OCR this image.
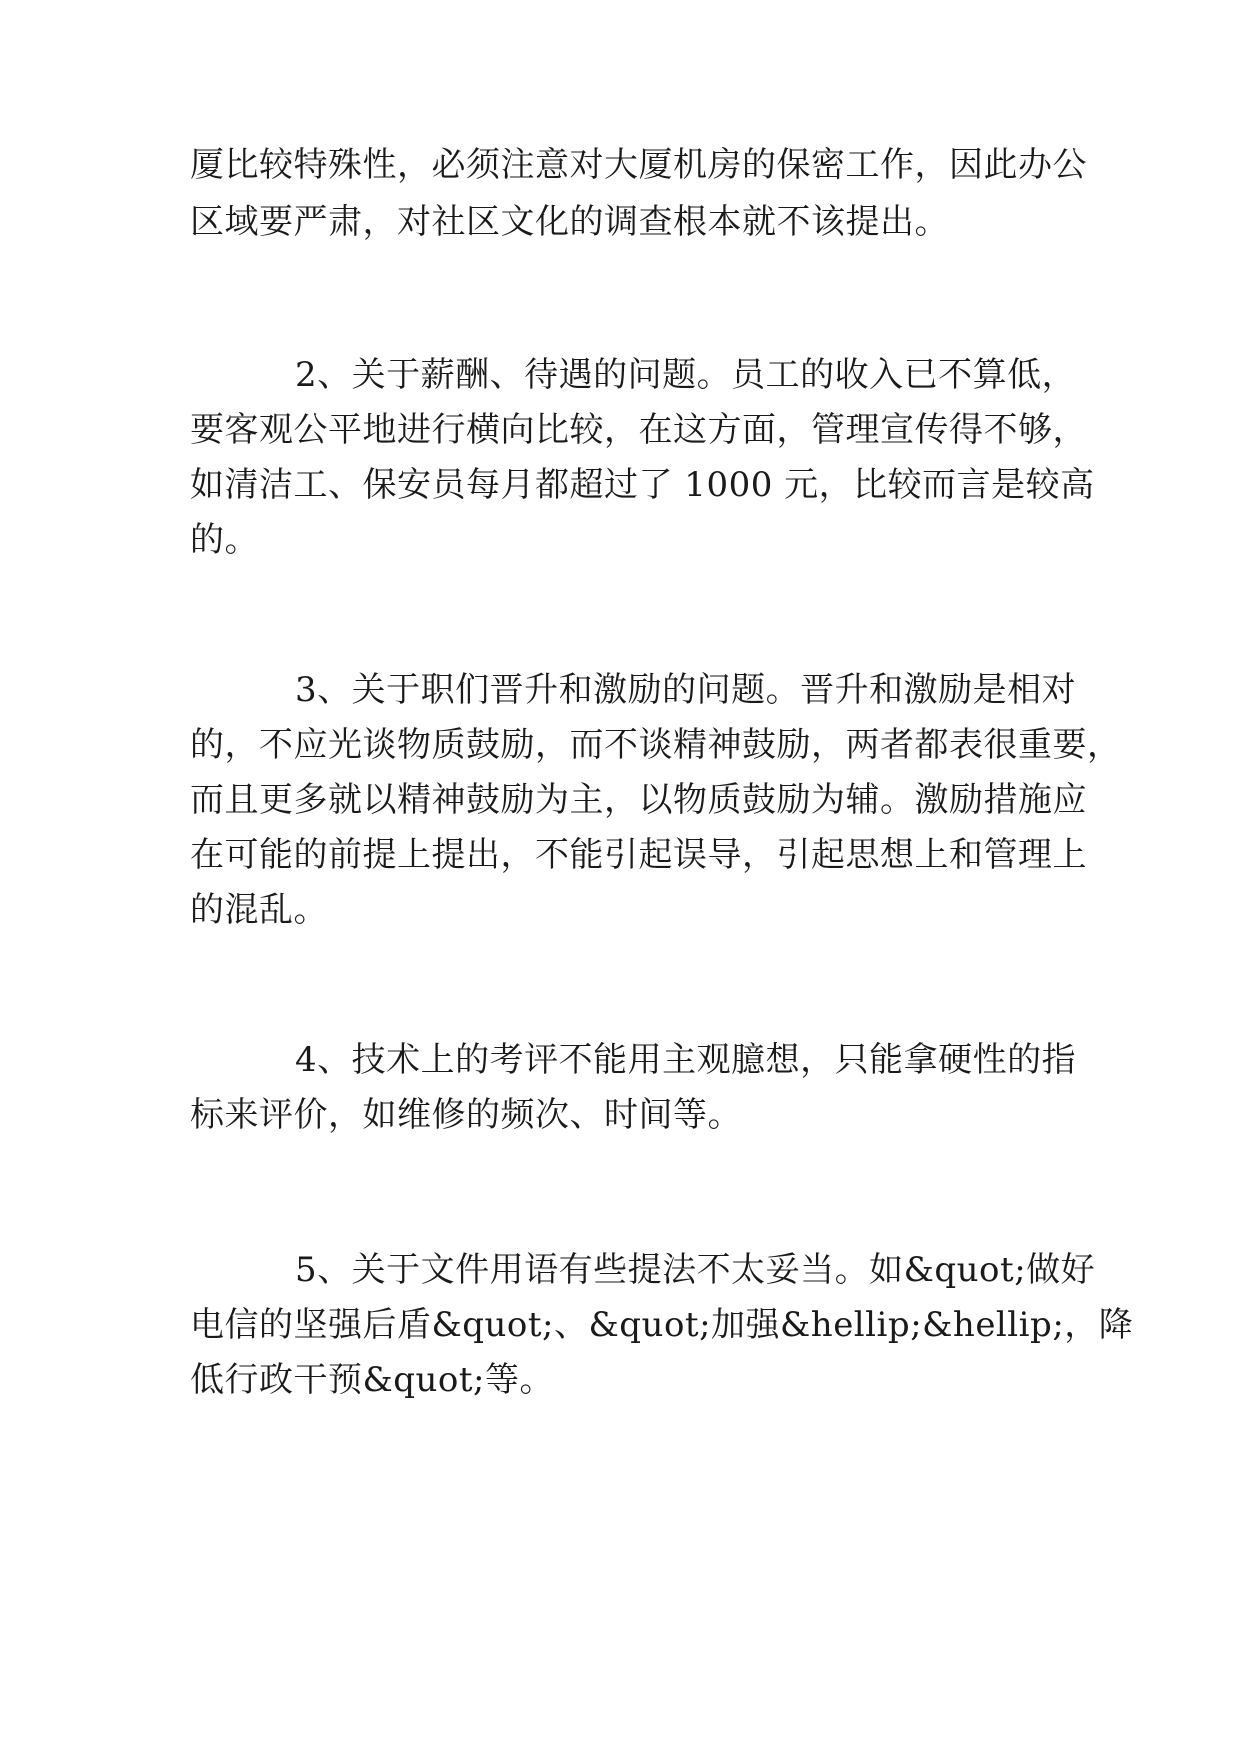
厦比较特殊性，必须注意对大厦机房的保密工作，因此办公
区域要严肃，对社区文化的调查根本就不该提出。
2、关于薪酬、待遇的问题。员工的收入已不算低，
要客观公平地进行横向比较，在这方面，管理宣传得不够，
如清洁工、保安员每月都超过了 1000 元，比较而言是较高
的。
3、关于职们晋升和激励的问题。晋升和激励是相对
的，不应光谈物质鼓励，而不谈精神鼓励，两者都表很重要，
而且更多就以精神鼓励为主，以物质鼓励为辅。激励措施应
在可能的前提上提出，不能引起误导，引起思想上和管理上
的混乱。
4、技术上的考评不能用主观臆想，只能拿硬性的指
标来评价，如维修的频次、时间等。
5、关于文件用语有些提法不太妥当。如&quot;做好
电信的坚强后盾&quot;、&quot;加强&hellip;&hellip;，降
低行政干预&quot;等。
